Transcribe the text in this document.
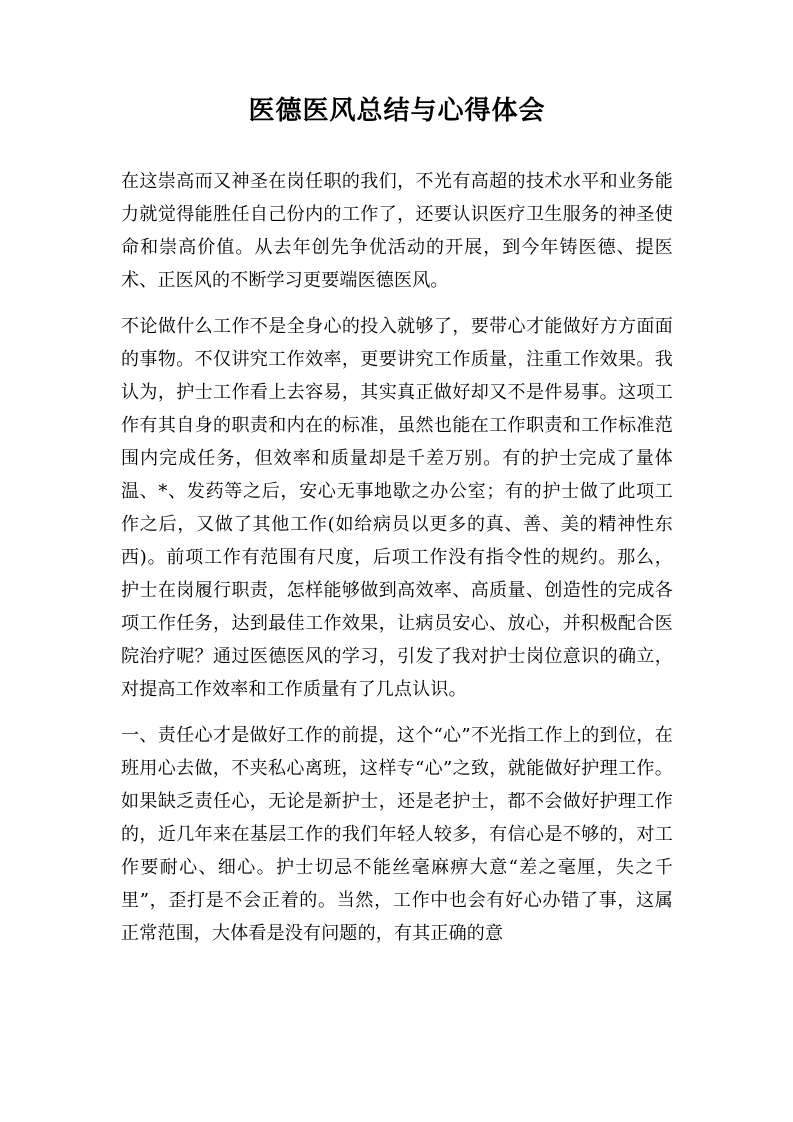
医德医风总结与心得体会

在这崇高而又神圣在岗任职的我们，不光有高超的技术水平和业务能力就觉得能胜任自己份内的工作了，还要认识医疗卫生服务的神圣使命和崇高价值。从去年创先争优活动的开展，到今年铸医德、提医术、正医风的不断学习更要端医德医风。

不论做什么工作不是全身心的投入就够了，要带心才能做好方方面面的事物。不仅讲究工作效率，更要讲究工作质量，注重工作效果。我认为，护士工作看上去容易，其实真正做好却又不是件易事。这项工作有其自身的职责和内在的标准，虽然也能在工作职责和工作标准范围内完成任务，但效率和质量却是千差万别。有的护士完成了量体温、*、发药等之后，安心无事地歇之办公室；有的护士做了此项工作之后，又做了其他工作(如给病员以更多的真、善、美的精神性东西)。前项工作有范围有尺度，后项工作没有指令性的规约。那么，护士在岗履行职责，怎样能够做到高效率、高质量、创造性的完成各项工作任务，达到最佳工作效果，让病员安心、放心，并积极配合医院治疗呢？通过医德医风的学习，引发了我对护士岗位意识的确立，对提高工作效率和工作质量有了几点认识。

一、责任心才是做好工作的前提，这个“心”不光指工作上的到位，在班用心去做，不夹私心离班，这样专“心”之致，就能做好护理工作。如果缺乏责任心，无论是新护士，还是老护士，都不会做好护理工作的，近几年来在基层工作的我们年轻人较多，有信心是不够的，对工作要耐心、细心。护士切忌不能丝毫麻痹大意“差之毫厘，失之千里”，歪打是不会正着的。当然，工作中也会有好心办错了事，这属正常范围，大体看是没有问题的，有其正确的意
